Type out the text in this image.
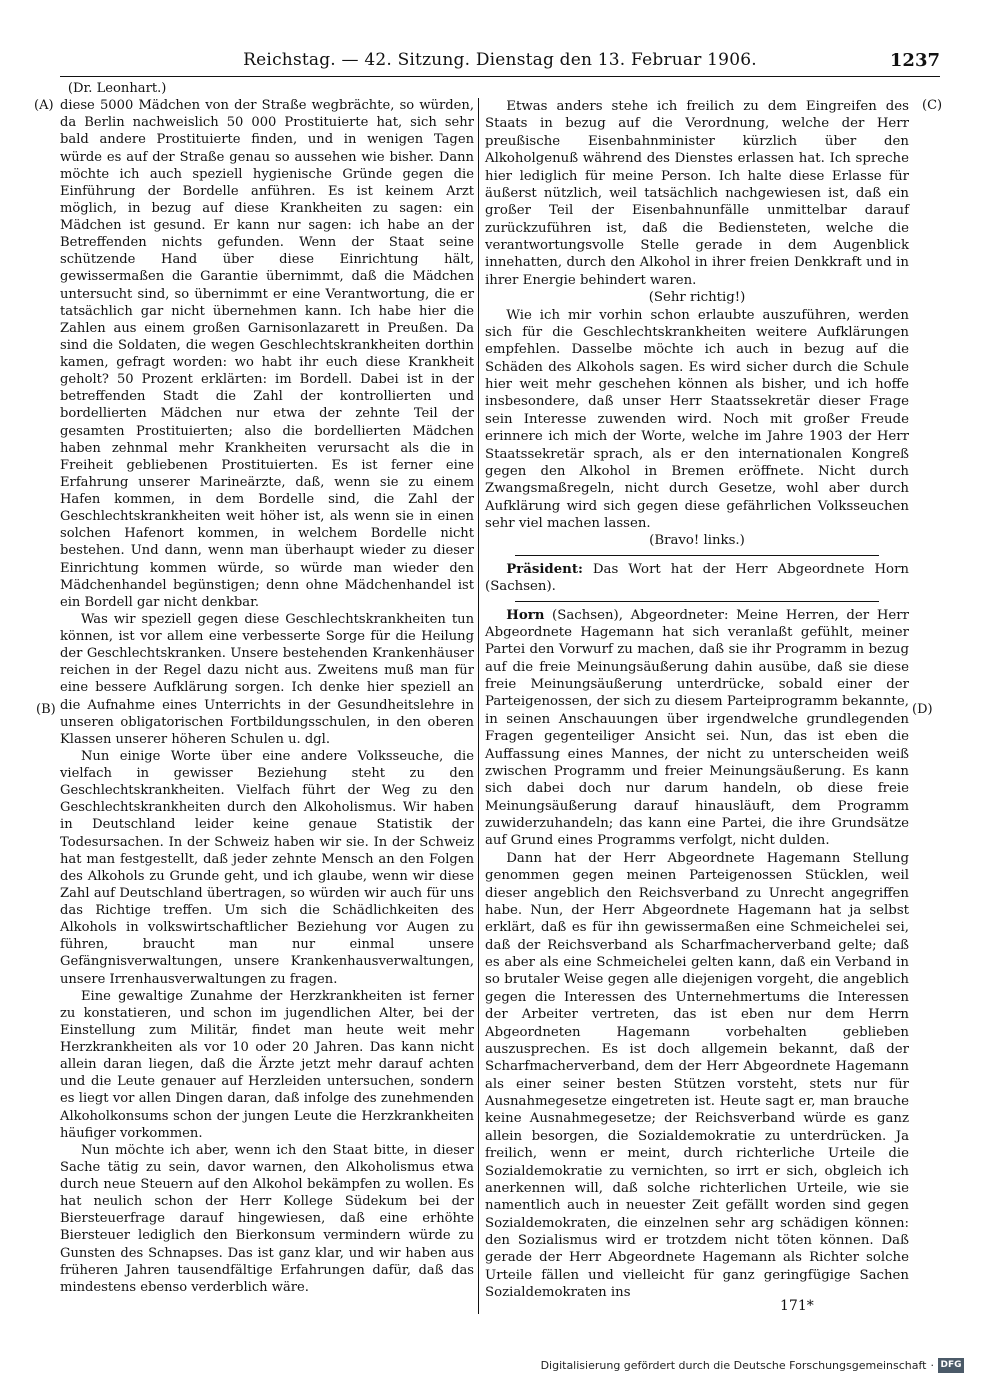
Reichstag. — 42. Sitzung. Dienstag den 13. Februar 1906.	1237
(A)
(B)
(C)
(D)

(Dr. Leonhart.)

diese 5000 Mädchen von der Straße wegbrächte, so würden, da Berlin nachweislich 50 000 Prostituierte hat, sich sehr bald andere Prostituierte finden, und in wenigen Tagen würde es auf der Straße genau so aussehen wie bisher. Dann möchte ich auch speziell hygienische Gründe gegen die Einführung der Bordelle anführen. Es ist keinem Arzt möglich, in bezug auf diese Krankheiten zu sagen: ein Mädchen ist gesund. Er kann nur sagen: ich habe an der Betreffenden nichts gefunden. Wenn der Staat seine schützende Hand über diese Einrichtung hält, gewissermaßen die Garantie übernimmt, daß die Mädchen untersucht sind, so übernimmt er eine Verantwortung, die er tatsächlich gar nicht übernehmen kann. Ich habe hier die Zahlen aus einem großen Garnisonlazarett in Preußen. Da sind die Soldaten, die wegen Geschlechtskrankheiten dorthin kamen, gefragt worden: wo habt ihr euch diese Krankheit geholt? 50 Prozent erklärten: im Bordell. Dabei ist in der betreffenden Stadt die Zahl der kontrollierten und bordellierten Mädchen nur etwa der zehnte Teil der gesamten Prostituierten; also die bordellierten Mädchen haben zehnmal mehr Krankheiten verursacht als die in Freiheit gebliebenen Prostituierten. Es ist ferner eine Erfahrung unserer Marineärzte, daß, wenn sie zu einem Hafen kommen, in dem Bordelle sind, die Zahl der Geschlechtskrankheiten weit höher ist, als wenn sie in einen solchen Hafenort kommen, in welchem Bordelle nicht bestehen. Und dann, wenn man überhaupt wieder zu dieser Einrichtung kommen würde, so würde man wieder den Mädchenhandel begünstigen; denn ohne Mädchenhandel ist ein Bordell gar nicht denkbar.

Was wir speziell gegen diese Geschlechtskrankheiten tun können, ist vor allem eine verbesserte Sorge für die Heilung der Geschlechtskranken. Unsere bestehenden Krankenhäuser reichen in der Regel dazu nicht aus. Zweitens muß man für eine bessere Aufklärung sorgen. Ich denke hier speziell an die Aufnahme eines Unterrichts in der Gesundheitslehre in unseren obligatorischen Fortbildungsschulen, in den oberen Klassen unserer höheren Schulen u. dgl.

Nun einige Worte über eine andere Volksseuche, die vielfach in gewisser Beziehung steht zu den Geschlechtskrankheiten. Vielfach führt der Weg zu den Geschlechtskrankheiten durch den Alkoholismus. Wir haben in Deutschland leider keine genaue Statistik der Todesursachen. In der Schweiz haben wir sie. In der Schweiz hat man festgestellt, daß jeder zehnte Mensch an den Folgen des Alkohols zu Grunde geht, und ich glaube, wenn wir diese Zahl auf Deutschland übertragen, so würden wir auch für uns das Richtige treffen. Um sich die Schädlichkeiten des Alkohols in volkswirtschaftlicher Beziehung vor Augen zu führen, braucht man nur einmal unsere Gefängnisverwaltungen, unsere Krankenhausverwaltungen, unsere Irrenhausverwaltungen zu fragen.

Eine gewaltige Zunahme der Herzkrankheiten ist ferner zu konstatieren, und schon im jugendlichen Alter, bei der Einstellung zum Militär, findet man heute weit mehr Herzkrankheiten als vor 10 oder 20 Jahren. Das kann nicht allein daran liegen, daß die Ärzte jetzt mehr darauf achten und die Leute genauer auf Herzleiden untersuchen, sondern es liegt vor allen Dingen daran, daß infolge des zunehmenden Alkoholkonsums schon der jungen Leute die Herzkrankheiten häufiger vorkommen.

Nun möchte ich aber, wenn ich den Staat bitte, in dieser Sache tätig zu sein, davor warnen, den Alkoholismus etwa durch neue Steuern auf den Alkohol bekämpfen zu wollen. Es hat neulich schon der Herr Kollege Südekum bei der Biersteuerfrage darauf hingewiesen, daß eine erhöhte Biersteuer lediglich den Bierkonsum vermindern würde zu Gunsten des Schnapses. Das ist ganz klar, und wir haben aus früheren Jahren tausendfältige Erfahrungen dafür, daß das mindestens ebenso verderblich wäre.

Etwas anders stehe ich freilich zu dem Eingreifen des Staats in bezug auf die Verordnung, welche der Herr preußische Eisenbahnminister kürzlich über den Alkoholgenuß während des Dienstes erlassen hat. Ich spreche hier lediglich für meine Person. Ich halte diese Erlasse für äußerst nützlich, weil tatsächlich nachgewiesen ist, daß ein großer Teil der Eisenbahnunfälle unmittelbar darauf zurückzuführen ist, daß die Bediensteten, welche die verantwortungsvolle Stelle gerade in dem Augenblick innehatten, durch den Alkohol in ihrer freien Denkkraft und in ihrer Energie behindert waren.

(Sehr richtig!)

Wie ich mir vorhin schon erlaubte auszuführen, werden sich für die Geschlechtskrankheiten weitere Aufklärungen empfehlen. Dasselbe möchte ich auch in bezug auf die Schäden des Alkohols sagen. Es wird sicher durch die Schule hier weit mehr geschehen können als bisher, und ich hoffe insbesondere, daß unser Herr Staatssekretär dieser Frage sein Interesse zuwenden wird. Noch mit großer Freude erinnere ich mich der Worte, welche im Jahre 1903 der Herr Staatssekretär sprach, als er den internationalen Kongreß gegen den Alkohol in Bremen eröffnete. Nicht durch Zwangsmaßregeln, nicht durch Gesetze, wohl aber durch Aufklärung wird sich gegen diese gefährlichen Volksseuchen sehr viel machen lassen.

(Bravo! links.)

Präsident: Das Wort hat der Herr Abgeordnete Horn (Sachsen).

Horn (Sachsen), Abgeordneter: Meine Herren, der Herr Abgeordnete Hagemann hat sich veranlaßt gefühlt, meiner Partei den Vorwurf zu machen, daß sie ihr Programm in bezug auf die freie Meinungsäußerung dahin ausübe, daß sie diese freie Meinungsäußerung unterdrücke, sobald einer der Parteigenossen, der sich zu diesem Parteiprogramm bekannte, in seinen Anschauungen über irgendwelche grundlegenden Fragen gegenteiliger Ansicht sei. Nun, das ist eben die Auffassung eines Mannes, der nicht zu unterscheiden weiß zwischen Programm und freier Meinungsäußerung. Es kann sich dabei doch nur darum handeln, ob diese freie Meinungsäußerung darauf hinausläuft, dem Programm zuwiderzuhandeln; das kann eine Partei, die ihre Grundsätze auf Grund eines Programms verfolgt, nicht dulden.

Dann hat der Herr Abgeordnete Hagemann Stellung genommen gegen meinen Parteigenossen Stücklen, weil dieser angeblich den Reichsverband zu Unrecht angegriffen habe. Nun, der Herr Abgeordnete Hagemann hat ja selbst erklärt, daß es für ihn gewissermaßen eine Schmeichelei sei, daß der Reichsverband als Scharfmacherverband gelte; daß es aber als eine Schmeichelei gelten kann, daß ein Verband in so brutaler Weise gegen alle diejenigen vorgeht, die angeblich gegen die Interessen des Unternehmertums die Interessen der Arbeiter vertreten, das ist eben nur dem Herrn Abgeordneten Hagemann vorbehalten geblieben auszusprechen. Es ist doch allgemein bekannt, daß der Scharfmacherverband, dem der Herr Abgeordnete Hagemann als einer seiner besten Stützen vorsteht, stets nur für Ausnahmegesetze eingetreten ist. Heute sagt er, man brauche keine Ausnahmegesetze; der Reichsverband würde es ganz allein besorgen, die Sozialdemokratie zu unterdrücken. Ja freilich, wenn er meint, durch richterliche Urteile die Sozialdemokratie zu vernichten, so irrt er sich, obgleich ich anerkennen will, daß solche richterlichen Urteile, wie sie namentlich auch in neuester Zeit gefällt worden sind gegen Sozialdemokraten, die einzelnen sehr arg schädigen können: den Sozialismus wird er trotzdem nicht töten können. Daß gerade der Herr Abgeordnete Hagemann als Richter solche Urteile fällen und vielleicht für ganz geringfügige Sachen Sozialdemokraten ins

171*
Digitalisierung gefördert durch die Deutsche Forschungsgemeinschaft · DFG
